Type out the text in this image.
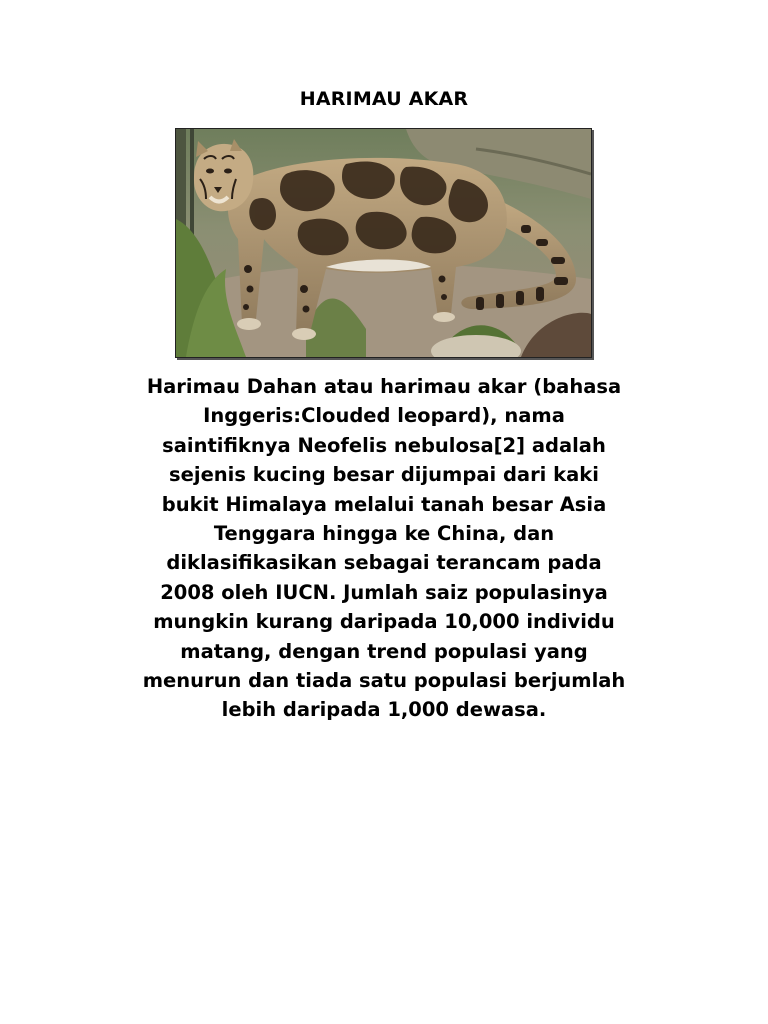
HARIMAU AKAR
Harimau Dahan atau harimau akar (bahasa
Inggeris:Clouded leopard), nama
saintifiknya Neofelis nebulosa[2] adalah
sejenis kucing besar dijumpai dari kaki
bukit Himalaya melalui tanah besar Asia
Tenggara hingga ke China, dan
diklasifikasikan sebagai terancam pada
2008 oleh IUCN. Jumlah saiz populasinya
mungkin kurang daripada 10,000 individu
matang, dengan trend populasi yang
menurun dan tiada satu populasi berjumlah
lebih daripada 1,000 dewasa.
